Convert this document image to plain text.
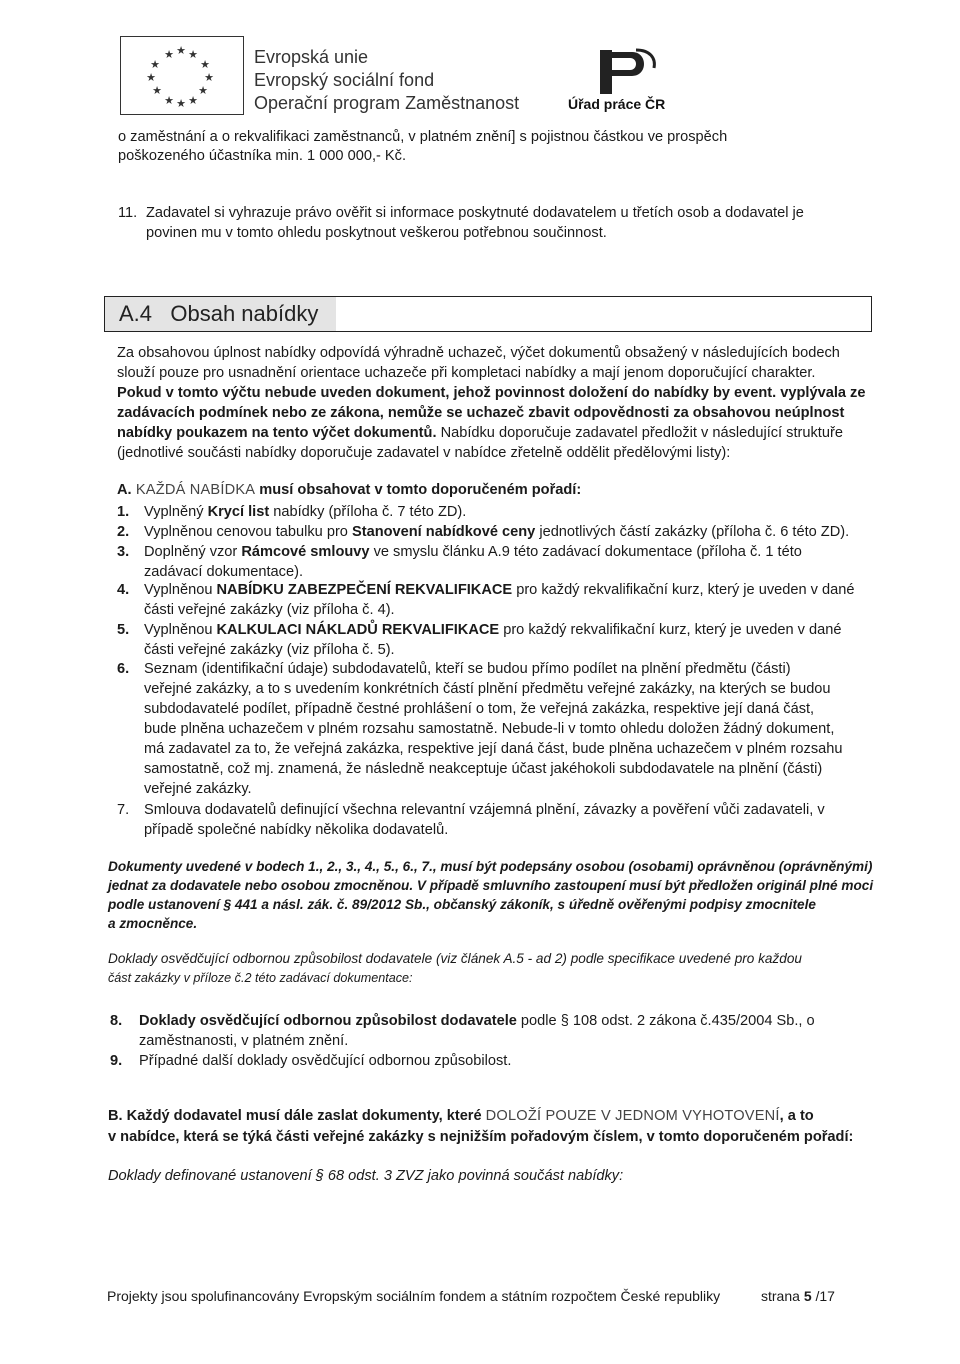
★ ★ ★
★	★
★	★
★	★
★ ★ ★
Evropská unie
Evropský sociální fond
Operační program Zaměstnanost	Úřad práce ČR
o zaměstnání a o rekvalifikaci zaměstnanců, v platném znění] s pojistnou částkou ve prospěch
poškozeného účastníka min. 1 000 000,- Kč.
11. Zadavatel si vyhrazuje právo ověřit si informace poskytnuté dodavatelem u třetích osob a dodavatel je
povinen mu v tomto ohledu poskytnout veškerou potřebnou součinnost.
A.4   Obsah nabídky
Za obsahovou úplnost nabídky odpovídá výhradně uchazeč, výčet dokumentů obsažený v následujících bodech
slouží pouze pro usnadnění orientace uchazeče při kompletaci nabídky a mají jenom doporučující charakter.
Pokud v tomto výčtu nebude uveden dokument, jehož povinnost doložení do nabídky by event. vyplývala ze
zadávacích podmínek nebo ze zákona, nemůže se uchazeč zbavit odpovědnosti za obsahovou neúplnost
nabídky poukazem na tento výčet dokumentů. Nabídku doporučuje zadavatel předložit v následující struktuře
(jednotlivé součásti nabídky doporučuje zadavatel v nabídce zřetelně oddělit předělovými listy):
A. KAŽDÁ NABÍDKA musí obsahovat v tomto doporučeném pořadí:
1.	Vyplněný Krycí list nabídky (příloha č. 7 této ZD).
2.	Vyplněnou cenovou tabulku pro Stanovení nabídkové ceny jednotlivých částí zakázky (příloha č. 6 této ZD).
3.	Doplněný vzor Rámcové smlouvy ve smyslu článku A.9 této zadávací dokumentace (příloha č. 1 této
zadávací dokumentace).
4.	Vyplněnou NABÍDKU ZABEZPEČENÍ REKVALIFIKACE pro každý rekvalifikační kurz, který je uveden v dané
části veřejné zakázky (viz příloha č. 4).
5.	Vyplněnou KALKULACI NÁKLADŮ REKVALIFIKACE pro každý rekvalifikační kurz, který je uveden v dané
části veřejné zakázky (viz příloha č. 5).
6.	Seznam (identifikační údaje) subdodavatelů, kteří se budou přímo podílet na plnění předmětu (části)
veřejné zakázky, a to s uvedením konkrétních částí plnění předmětu veřejné zakázky, na kterých se budou
subdodavatelé podílet, případně čestné prohlášení o tom, že veřejná zakázka, respektive její daná část,
bude plněna uchazečem v plném rozsahu samostatně. Nebude-li v tomto ohledu doložen žádný dokument,
má zadavatel za to, že veřejná zakázka, respektive její daná část, bude plněna uchazečem v plném rozsahu
samostatně, což mj. znamená, že následně neakceptuje účast jakéhokoli subdodavatele na plnění (části)
veřejné zakázky.
7.	Smlouva dodavatelů definující všechna relevantní vzájemná plnění, závazky a pověření vůči zadavateli, v
případě společné nabídky několika dodavatelů.
Dokumenty uvedené v bodech 1., 2., 3., 4., 5., 6., 7., musí být podepsány osobou (osobami) oprávněnou (oprávněnými)
jednat za dodavatele nebo osobou zmocněnou. V případě smluvního zastoupení musí být předložen originál plné moci
podle ustanovení § 441 a násl. zák. č. 89/2012 Sb., občanský zákoník, s úředně ověřenými podpisy zmocnitele
a zmocněnce.
Doklady osvědčující odbornou způsobilost dodavatele (viz článek A.5 - ad 2) podle specifikace uvedené pro každou
část zakázky v příloze č.2 této zadávací dokumentace:
8.	Doklady osvědčující odbornou způsobilost dodavatele podle § 108 odst. 2 zákona č.435/2004 Sb., o
zaměstnanosti, v platném znění.
9.	Případné další doklady osvědčující odbornou způsobilost.
B. Každý dodavatel musí dále zaslat dokumenty, které DOLOŽÍ POUZE V JEDNOM VYHOTOVENÍ, a to
v nabídce, která se týká části veřejné zakázky s nejnižším pořadovým číslem, v tomto doporučeném pořadí:
Doklady definované ustanovení § 68 odst. 3 ZVZ jako povinná součást nabídky:
Projekty jsou spolufinancovány Evropským sociálním fondem a státním rozpočtem České republiky	strana 5 /17
